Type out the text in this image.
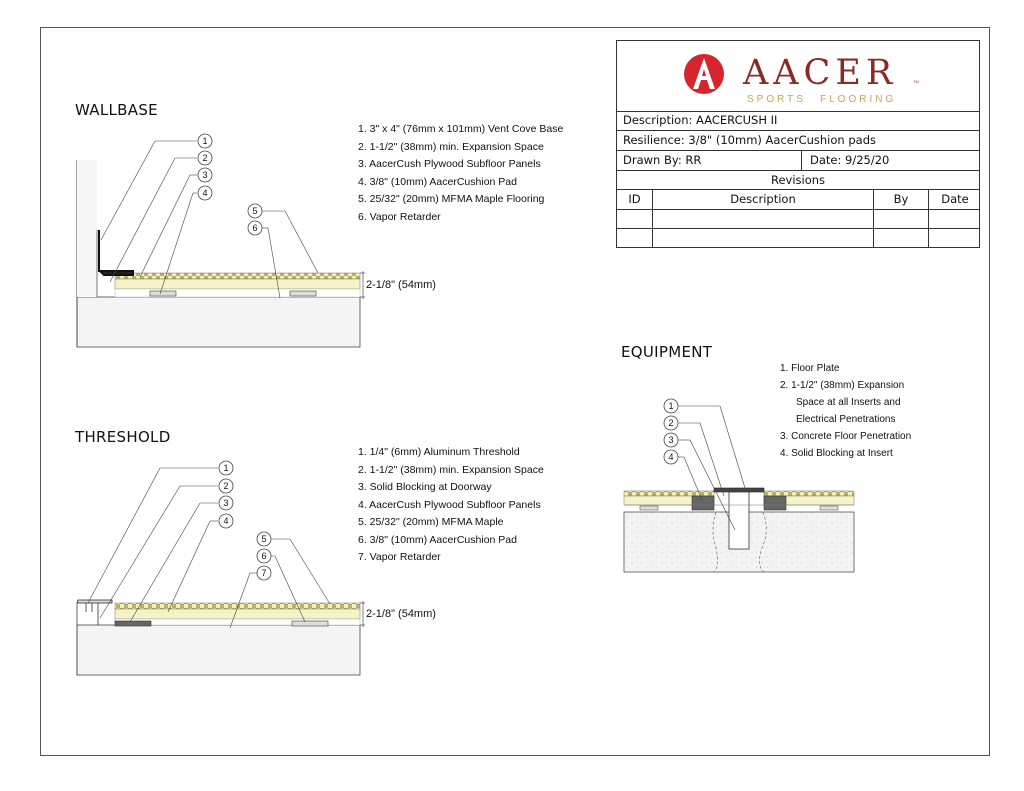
AACER	TM
SPORTS FLOORING
Description: AACERCUSH II
Resilience: 3/8" (10mm) AacerCushion pads
Drawn By: RR	Date: 9/25/20
Revisions
ID	Description	By	Date
WALLBASE
THRESHOLD
EQUIPMENT
1. 3" x 4" (76mm x 101mm) Vent Cove Base
2. 1-1/2" (38mm) min. Expansion Space
3. AacerCush Plywood Subfloor Panels
4. 3/8" (10mm) AacerCushion Pad
5. 25/32" (20mm) MFMA Maple Flooring
6. Vapor Retarder
1. 1/4" (6mm) Aluminum Threshold
2. 1-1/2" (38mm) min. Expansion Space
3. Solid Blocking at Doorway
4. AacerCush Plywood Subfloor Panels
5. 25/32" (20mm) MFMA Maple
6. 3/8" (10mm) AacerCushion Pad
7. Vapor Retarder
1. Floor Plate
2. 1-1/2" (38mm) Expansion
Space at all Inserts and
Electrical Penetrations
3. Concrete Floor Penetration
4. Solid Blocking at Insert
2-1/8" (54mm)
2-1/8" (54mm)
1
2
3
4
5
6
1
2
3
4
5
6
7
1
2
3
4
